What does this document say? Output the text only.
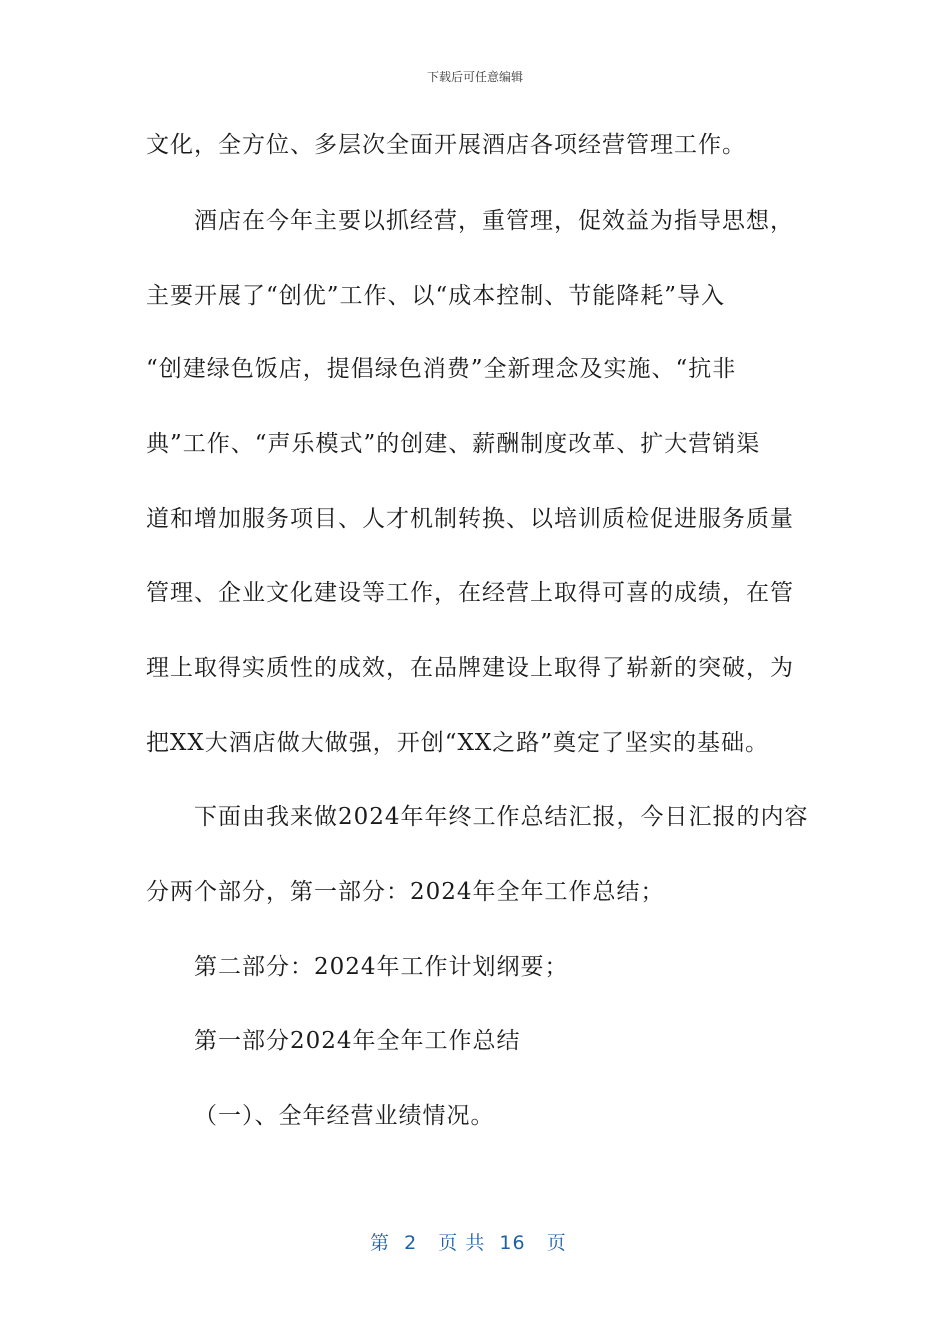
下载后可任意编辑
文化，全方位、多层次全面开展酒店各项经营管理工作。
酒店在今年主要以抓经营，重管理，促效益为指导思想，
主要开展了“创优”工作、以“成本控制、节能降耗”导入
“创建绿色饭店，提倡绿色消费”全新理念及实施、“抗非
典”工作、“声乐模式”的创建、薪酬制度改革、扩大营销渠
道和增加服务项目、人才机制转换、以培训质检促进服务质量
管理、企业文化建设等工作，在经营上取得可喜的成绩，在管
理上取得实质性的成效，在品牌建设上取得了崭新的突破，为
把XX大酒店做大做强，开创“XX之路”奠定了坚实的基础。
下面由我来做2024年年终工作总结汇报，今日汇报的内容
分两个部分，第一部分：2024年全年工作总结；
第二部分：2024年工作计划纲要；
第一部分2024年全年工作总结
（一）、全年经营业绩情况。
第  2   页 共  16   页
